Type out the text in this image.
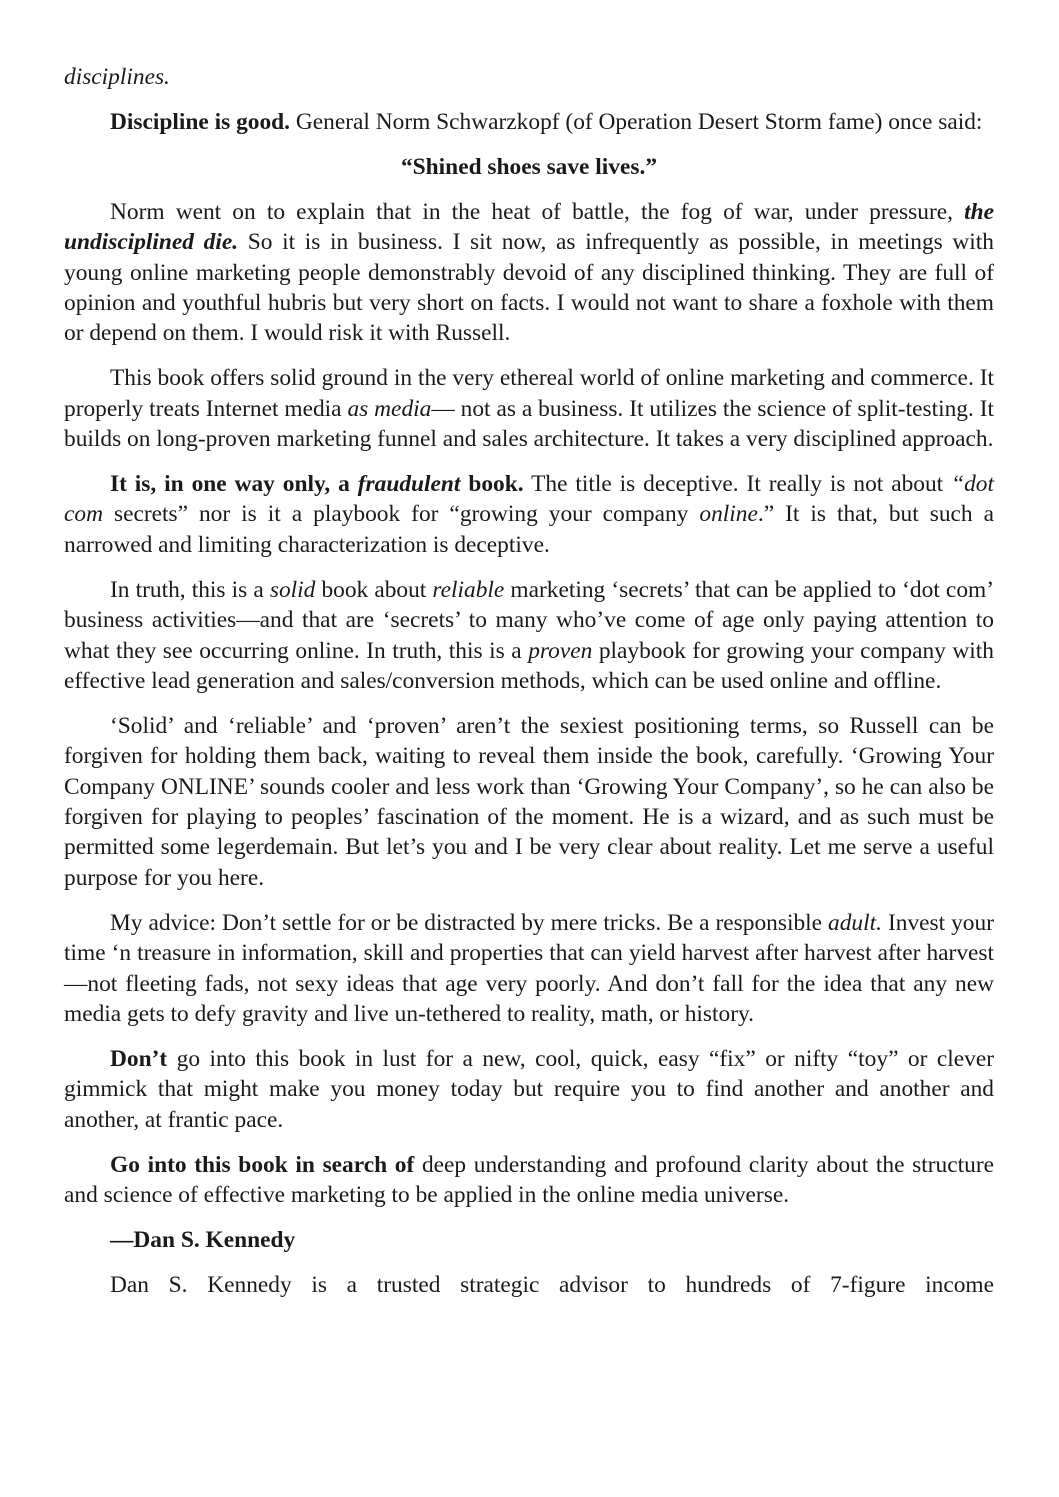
disciplines.

Discipline is good. General Norm Schwarzkopf (of Operation Desert Storm fame) once said:

“Shined shoes save lives.”

Norm went on to explain that in the heat of battle, the fog of war, under pressure, the undisciplined die. So it is in business. I sit now, as infrequently as possible, in meetings with young online marketing people demonstrably devoid of any disciplined thinking. They are full of opinion and youthful hubris but very short on facts. I would not want to share a foxhole with them or depend on them. I would risk it with Russell.

This book offers solid ground in the very ethereal world of online marketing and commerce. It properly treats Internet media as media— not as a business. It utilizes the science of split-testing. It builds on long-proven marketing funnel and sales architecture. It takes a very disciplined approach.

It is, in one way only, a fraudulent book. The title is deceptive. It really is not about “dot com secrets” nor is it a playbook for “growing your company online.” It is that, but such a narrowed and limiting characterization is deceptive.

In truth, this is a solid book about reliable marketing ‘secrets’ that can be applied to ‘dot com’ business activities—and that are ‘secrets’ to many who’ve come of age only paying attention to what they see occurring online. In truth, this is a proven playbook for growing your company with effective lead generation and sales/conversion methods, which can be used online and offline.

‘Solid’ and ‘reliable’ and ‘proven’ aren’t the sexiest positioning terms, so Russell can be forgiven for holding them back, waiting to reveal them inside the book, carefully. ‘Growing Your Company ONLINE’ sounds cooler and less work than ‘Growing Your Company’, so he can also be forgiven for playing to peoples’ fascination of the moment. He is a wizard, and as such must be permitted some legerdemain. But let’s you and I be very clear about reality. Let me serve a useful purpose for you here.

My advice: Don’t settle for or be distracted by mere tricks. Be a responsible adult. Invest your time ‘n treasure in information, skill and properties that can yield harvest after harvest after harvest—not fleeting fads, not sexy ideas that age very poorly. And don’t fall for the idea that any new media gets to defy gravity and live un-tethered to reality, math, or history.

Don’t go into this book in lust for a new, cool, quick, easy “fix” or nifty “toy” or clever gimmick that might make you money today but require you to find another and another and another, at frantic pace.

Go into this book in search of deep understanding and profound clarity about the structure and science of effective marketing to be applied in the online media universe.

—Dan S. Kennedy

Dan S. Kennedy is a trusted strategic advisor to hundreds of 7-figure income
